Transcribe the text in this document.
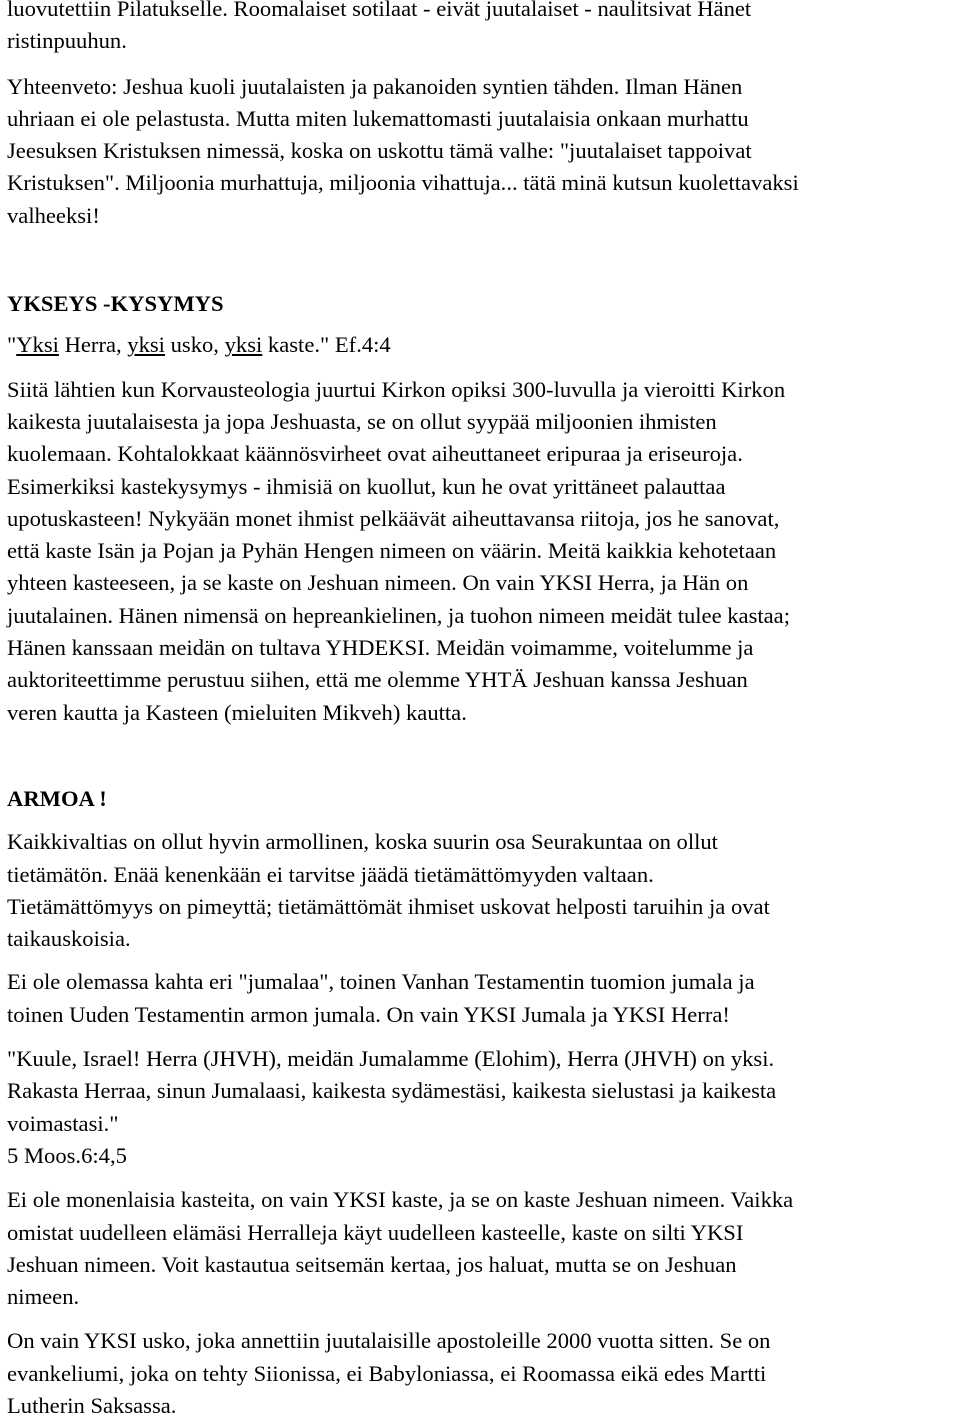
luovutettiin Pilatukselle. Roomalaiset sotilaat - eivät juutalaiset - naulitsivat Hänet
ristinpuuhun.

Yhteenveto: Jeshua kuoli juutalaisten ja pakanoiden syntien tähden. Ilman Hänen
uhriaan ei ole pelastusta. Mutta miten lukemattomasti juutalaisia onkaan murhattu
Jeesuksen Kristuksen nimessä, koska on uskottu tämä valhe: "juutalaiset tappoivat
Kristuksen". Miljoonia murhattuja, miljoonia vihattuja... tätä minä kutsun kuolettavaksi
valheeksi!

YKSEYS -KYSYMYS

"Yksi Herra, yksi usko, yksi kaste." Ef.4:4

Siitä lähtien kun Korvausteologia juurtui Kirkon opiksi 300-luvulla ja vieroitti Kirkon
kaikesta juutalaisesta ja jopa Jeshuasta, se on ollut syypää miljoonien ihmisten
kuolemaan. Kohtalokkaat käännösvirheet ovat aiheuttaneet eripuraa ja eriseuroja.
Esimerkiksi kastekysymys - ihmisiä on kuollut, kun he ovat yrittäneet palauttaa
upotuskasteen! Nykyään monet ihmist pelkäävät aiheuttavansa riitoja, jos he sanovat,
että kaste Isän ja Pojan ja Pyhän Hengen nimeen on väärin. Meitä kaikkia kehotetaan
yhteen kasteeseen, ja se kaste on Jeshuan nimeen. On vain YKSI Herra, ja Hän on
juutalainen. Hänen nimensä on hepreankielinen, ja tuohon nimeen meidät tulee kastaa;
Hänen kanssaan meidän on tultava YHDEKSI. Meidän voimamme, voitelumme ja
auktoriteettimme perustuu siihen, että me olemme YHTÄ Jeshuan kanssa Jeshuan
veren kautta ja Kasteen (mieluiten Mikveh) kautta.

ARMOA !

Kaikkivaltias on ollut hyvin armollinen, koska suurin osa Seurakuntaa on ollut
tietämätön. Enää kenenkään ei tarvitse jäädä tietämättömyyden valtaan.
Tietämättömyys on pimeyttä; tietämättömät ihmiset uskovat helposti taruihin ja ovat
taikauskoisia.

Ei ole olemassa kahta eri "jumalaa", toinen Vanhan Testamentin tuomion jumala ja
toinen Uuden Testamentin armon jumala. On vain YKSI Jumala ja YKSI Herra!

"Kuule, Israel! Herra (JHVH), meidän Jumalamme (Elohim), Herra (JHVH) on yksi.
Rakasta Herraa, sinun Jumalaasi, kaikesta sydämestäsi, kaikesta sielustasi ja kaikesta
voimastasi."

5 Moos.6:4,5

Ei ole monenlaisia kasteita, on vain YKSI kaste, ja se on kaste Jeshuan nimeen. Vaikka
omistat uudelleen elämäsi Herralleja käyt uudelleen kasteelle, kaste on silti YKSI
Jeshuan nimeen. Voit kastautua seitsemän kertaa, jos haluat, mutta se on Jeshuan
nimeen.

On vain YKSI usko, joka annettiin juutalaisille apostoleille 2000 vuotta sitten. Se on
evankeliumi, joka on tehty Siionissa, ei Babyloniassa, ei Roomassa eikä edes Martti
Lutherin Saksassa.
